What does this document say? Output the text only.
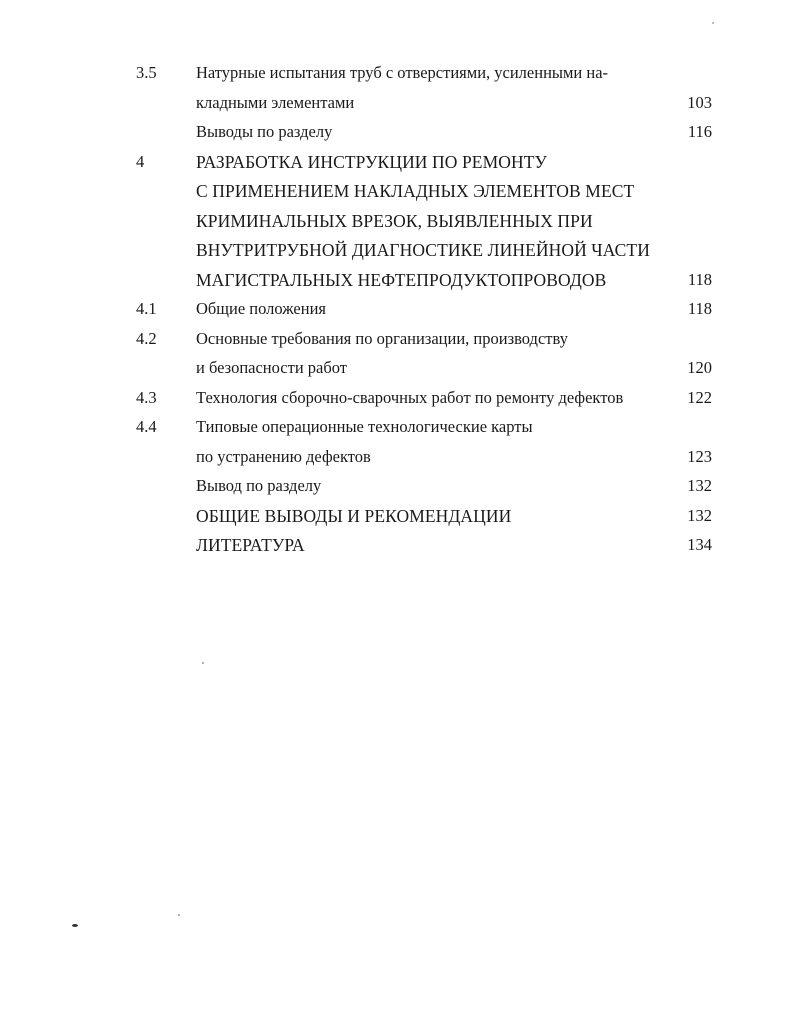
3.5 Натурные испытания труб с отверстиями, усиленными на-
кладными элементами	103
Выводы по разделу	116
4	РАЗРАБОТКА ИНСТРУКЦИИ ПО РЕМОНТУ
С ПРИМЕНЕНИЕМ НАКЛАДНЫХ ЭЛЕМЕНТОВ МЕСТ
КРИМИНАЛЬНЫХ ВРЕЗОК, ВЫЯВЛЕННЫХ ПРИ
ВНУТРИТРУБНОЙ ДИАГНОСТИКЕ ЛИНЕЙНОЙ ЧАСТИ
МАГИСТРАЛЬНЫХ НЕФТЕПРОДУКТОПРОВОДОВ	118
4.1 Общие положения	118
4.2 Основные требования по организации, производству
и безопасности работ	120
4.3 Технология сборочно-сварочных работ по ремонту дефектов	122
4.4 Типовые операционные технологические карты
по устранению дефектов	123
Вывод по разделу	132
ОБЩИЕ ВЫВОДЫ И РЕКОМЕНДАЦИИ	132
ЛИТЕРАТУРА	134
